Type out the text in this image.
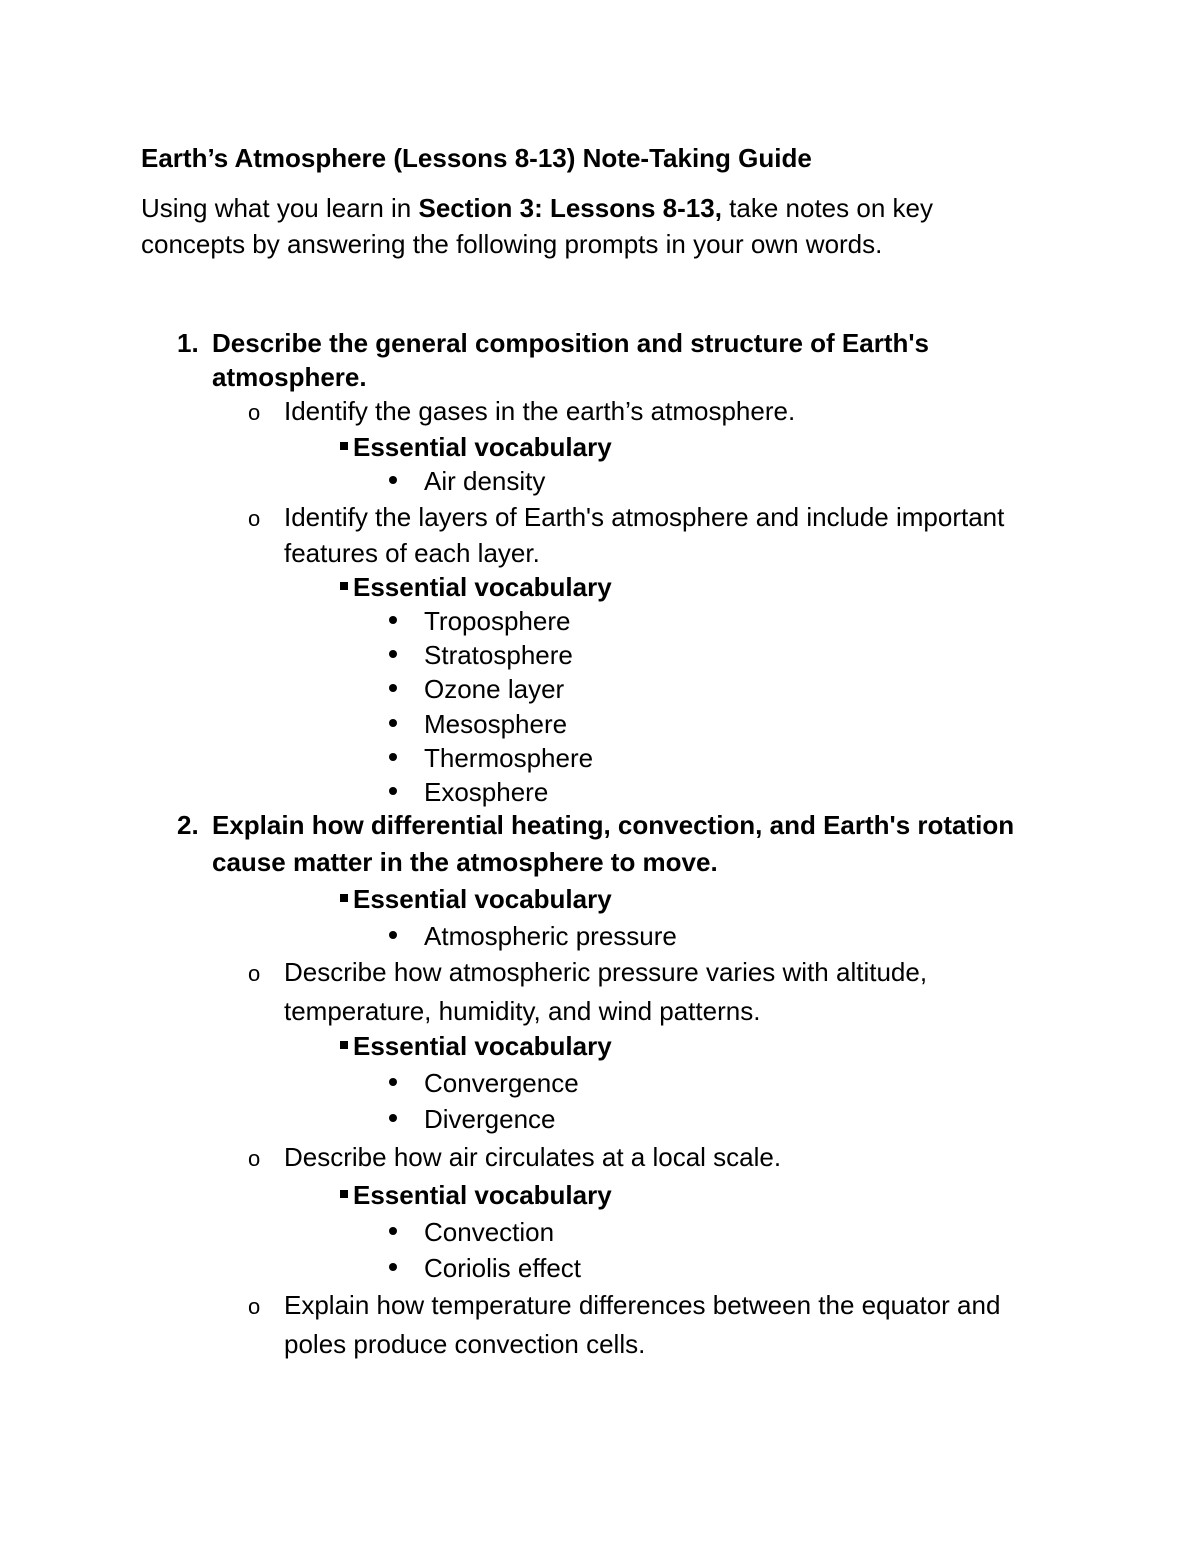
Earth’s Atmosphere (Lessons 8-13) Note-Taking Guide
Using what you learn in Section 3: Lessons 8-13, take notes on key
concepts by answering the following prompts in your own words.
1. Describe the general composition and structure of Earth's
atmosphere.
o Identify the gases in the earth’s atmosphere.
Essential vocabulary
Air density
o Identify the layers of Earth's atmosphere and include important
features of each layer.
Essential vocabulary
Troposphere
Stratosphere
Ozone layer
Mesosphere
Thermosphere
Exosphere
2. Explain how differential heating, convection, and Earth's rotation
cause matter in the atmosphere to move.
Essential vocabulary
Atmospheric pressure
o Describe how atmospheric pressure varies with altitude,
temperature, humidity, and wind patterns.
Essential vocabulary
Convergence
Divergence
o Describe how air circulates at a local scale.
Essential vocabulary
Convection
Coriolis effect
o Explain how temperature differences between the equator and
poles produce convection cells.
